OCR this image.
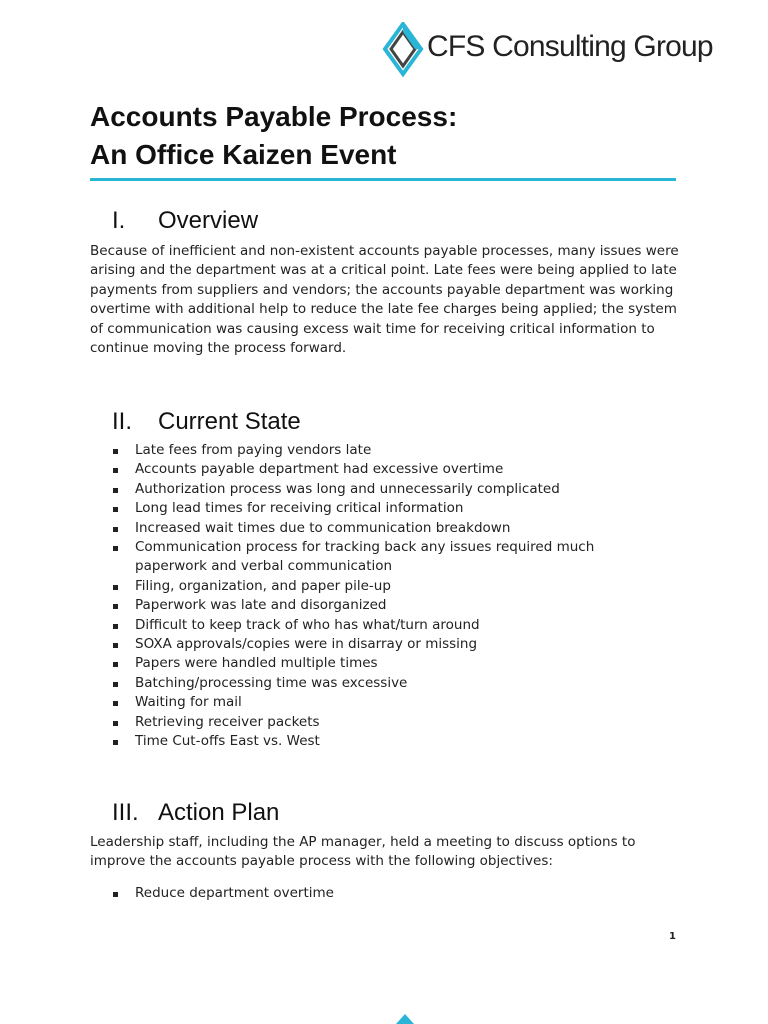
CFS Consulting Group
Accounts Payable Process:
An Office Kaizen Event
I. Overview

Because of inefficient and non-existent accounts payable processes, many issues were arising and the department was at a critical point. Late fees were being applied to late payments from suppliers and vendors; the accounts payable department was working overtime with additional help to reduce the late fee charges being applied; the system of communication was causing excess wait time for receiving critical information to continue moving the process forward.

II. Current State
Late fees from paying vendors late
Accounts payable department had excessive overtime
Authorization process was long and unnecessarily complicated
Long lead times for receiving critical information
Increased wait times due to communication breakdown
Communication process for tracking back any issues required much paperwork and verbal communication
Filing, organization, and paper pile-up
Paperwork was late and disorganized
Difficult to keep track of who has what/turn around
SOXA approvals/copies were in disarray or missing
Papers were handled multiple times
Batching/processing time was excessive
Waiting for mail
Retrieving receiver packets
Time Cut-offs East vs. West
III. Action Plan

Leadership staff, including the AP manager, held a meeting to discuss options to improve the accounts payable process with the following objectives:

Reduce department overtime
1
